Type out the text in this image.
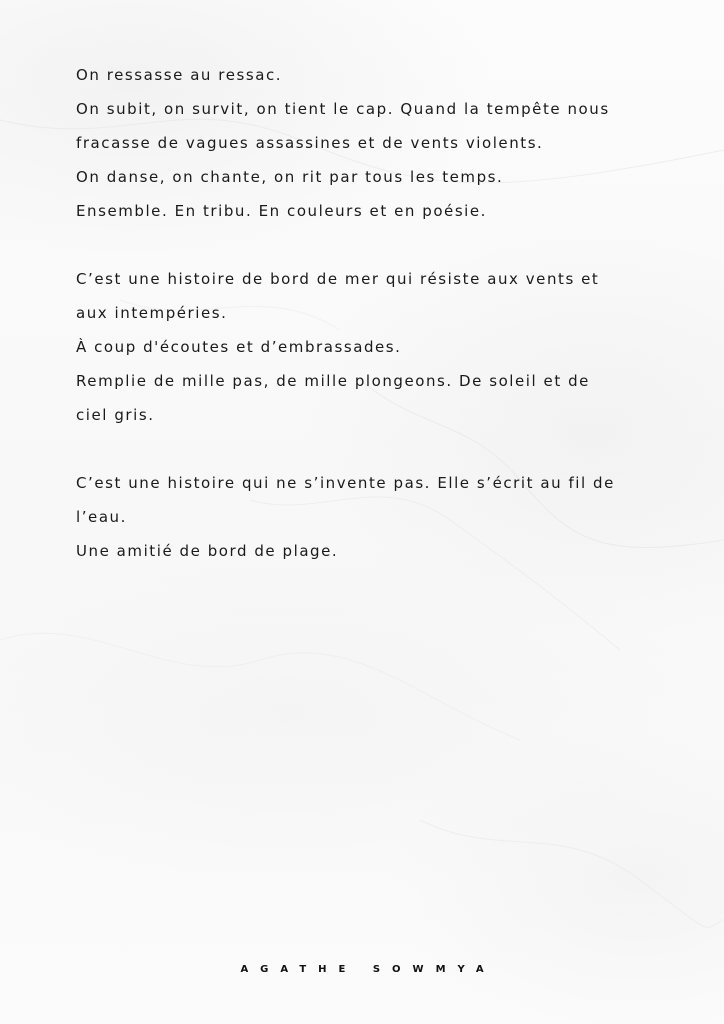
On ressasse au ressac.
On subit, on survit, on tient le cap. Quand la tempête nous
fracasse de vagues assassines et de vents violents.
On danse, on chante, on rit par tous les temps.
Ensemble. En tribu. En couleurs et en poésie.
C’est une histoire de bord de mer qui résiste aux vents et
aux intempéries.
À coup d'écoutes et d’embrassades.
Remplie de mille pas, de mille plongeons. De soleil et de
ciel gris.
C’est une histoire qui ne s’invente pas. Elle s’écrit au fil de
l’eau.
Une amitié de bord de plage.
AGATHE SOWMYA
